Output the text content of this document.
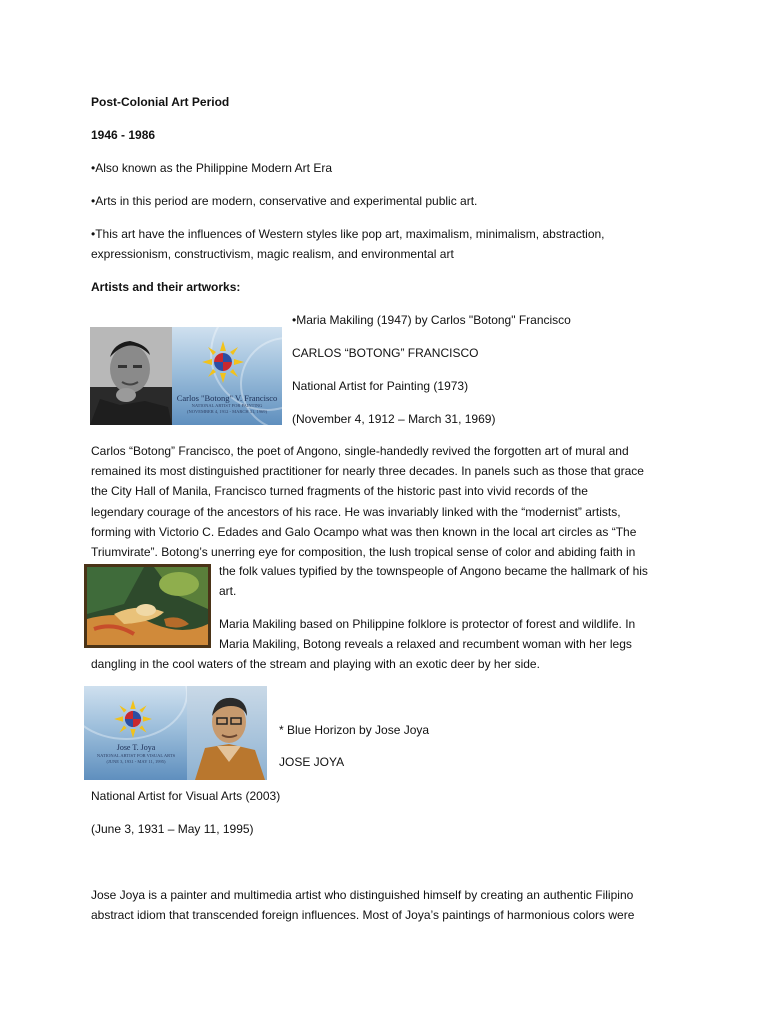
Post-Colonial Art Period
1946 - 1986
•Also known as the Philippine Modern Art Era
•Arts in this period are modern, conservative and experimental public art.
•This art have the influences of Western styles like pop art, maximalism, minimalism, abstraction,
expressionism, constructivism, magic realism, and environmental art
Artists and their artworks:
Carlos "Botong" V. Francisco
NATIONAL ARTIST FOR PAINTING
(NOVEMBER 4, 1912 - MARCH 31, 1969)
•Maria Makiling (1947) by Carlos "Botong" Francisco
CARLOS “BOTONG” FRANCISCO
National Artist for Painting (1973)
(November 4, 1912 – March 31, 1969)
Carlos “Botong” Francisco, the poet of Angono, single-handedly revived the forgotten art of mural and
remained its most distinguished practitioner for nearly three decades. In panels such as those that grace
the City Hall of Manila, Francisco turned fragments of the historic past into vivid records of the
legendary courage of the ancestors of his race. He was invariably linked with the “modernist” artists,
forming with Victorio C. Edades and Galo Ocampo what was then known in the local art circles as “The
Triumvirate”. Botong’s unerring eye for composition, the lush tropical sense of color and abiding faith in
the folk values typified by the townspeople of Angono became the hallmark of his
art.
Maria Makiling based on Philippine folklore is protector of forest and wildlife. In
Maria Makiling, Botong reveals a relaxed and recumbent woman with her legs
dangling in the cool waters of the stream and playing with an exotic deer by her side.
Jose T. Joya
NATIONAL ARTIST FOR VISUAL ARTS
(JUNE 3, 1931 - MAY 11, 1995)
* Blue Horizon by Jose Joya
JOSE JOYA
National Artist for Visual Arts (2003)
(June 3, 1931 – May 11, 1995)
Jose Joya is a painter and multimedia artist who distinguished himself by creating an authentic Filipino
abstract idiom that transcended foreign influences. Most of Joya’s paintings of harmonious colors were
